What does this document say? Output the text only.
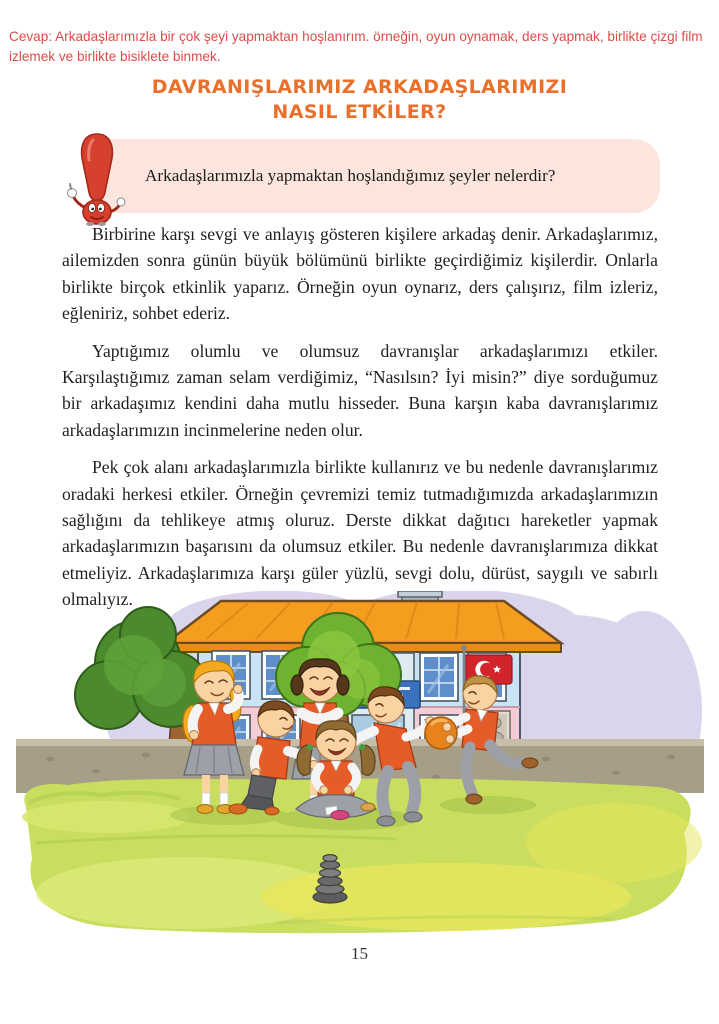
Cevap: Arkadaşlarımızla bir çok şeyi yapmaktan hoşlanırım. örneğin, oyun oynamak, ders yapmak, birlikte çizgi film izlemek ve birlikte bisiklete binmek.
DAVRANIŞLARIMIZ ARKADAŞLARIMIZI
NASIL ETKİLER?
Arkadaşlarımızla yapmaktan hoşlandığımız şeyler nelerdir?

Birbirine karşı sevgi ve anlayış gösteren kişilere arkadaş denir. Arkadaşlarımız, ailemizden sonra günün büyük bölümünü birlikte geçirdiğimiz kişilerdir. Onlarla birlikte birçok etkinlik yaparız. Örneğin oyun oynarız, ders çalışırız, film izleriz, eğleniriz, sohbet ederiz.

Yaptığımız olumlu ve olumsuz davranışlar arkadaşlarımızı etkiler. Karşılaştığımız zaman selam verdiğimiz, “Nasılsın? İyi misin?” diye sorduğumuz bir arkadaşımız kendini daha mutlu hisseder. Buna karşın kaba davranışlarımız arkadaşlarımızın incinmelerine neden olur.

Pek çok alanı arkadaşlarımızla birlikte kullanırız ve bu nedenle davranışlarımız oradaki herkesi etkiler. Örneğin çevremizi temiz tutmadığımızda arkadaşlarımızın sağlığını da tehlikeye atmış oluruz. Derste dikkat dağıtıcı hareketler yapmak arkadaşlarımızın başarısını da olumsuz etkiler. Bu nedenle davranışlarımıza dikkat etmeliyiz. Arkadaşlarımıza karşı güler yüzlü, sevgi dolu, dürüst, saygılı ve sabırlı olmalıyız.

15
